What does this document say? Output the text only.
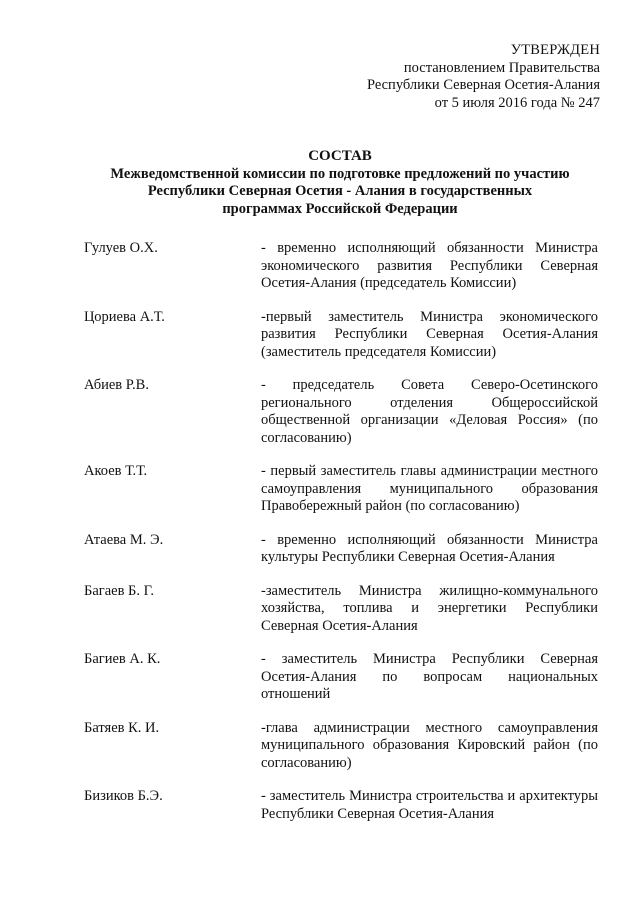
УТВЕРЖДЕН
постановлением Правительства
Республики Северная Осетия-Алания
от 5 июля 2016 года № 247
СОСТАВ
Межведомственной комиссии по подготовке предложений по участию
Республики Северная Осетия - Алания в государственных
программах Российской Федерации
Гулуев О.Х.	- временно исполняющий обязанности Министра экономического развития Республики Северная Осетия-Алания (председатель Комиссии)
Цориева А.Т.	-первый заместитель Министра экономического развития Республики Северная Осетия-Алания (заместитель председателя Комиссии)
Абиев Р.В.	- председатель Совета Северо-Осетинского регионального отделения Общероссийской общественной организации «Деловая Россия» (по согласованию)
Акоев Т.Т.	- первый заместитель главы администрации местного самоуправления муниципального образования Правобережный район (по согласованию)
Атаева М. Э.	- временно исполняющий обязанности Министра культуры Республики Северная Осетия-Алания
Багаев Б. Г.	-заместитель Министра жилищно-коммунального хозяйства, топлива и энергетики Республики Северная Осетия-Алания
Багиев А. К.	- заместитель Министра Республики Северная Осетия-Алания по вопросам национальных отношений
Батяев К. И.	-глава администрации местного самоуправления муниципального образования Кировский район (по согласованию)
Бизиков Б.Э.	- заместитель Министра строительства и архитектуры Республики Северная Осетия-Алания
